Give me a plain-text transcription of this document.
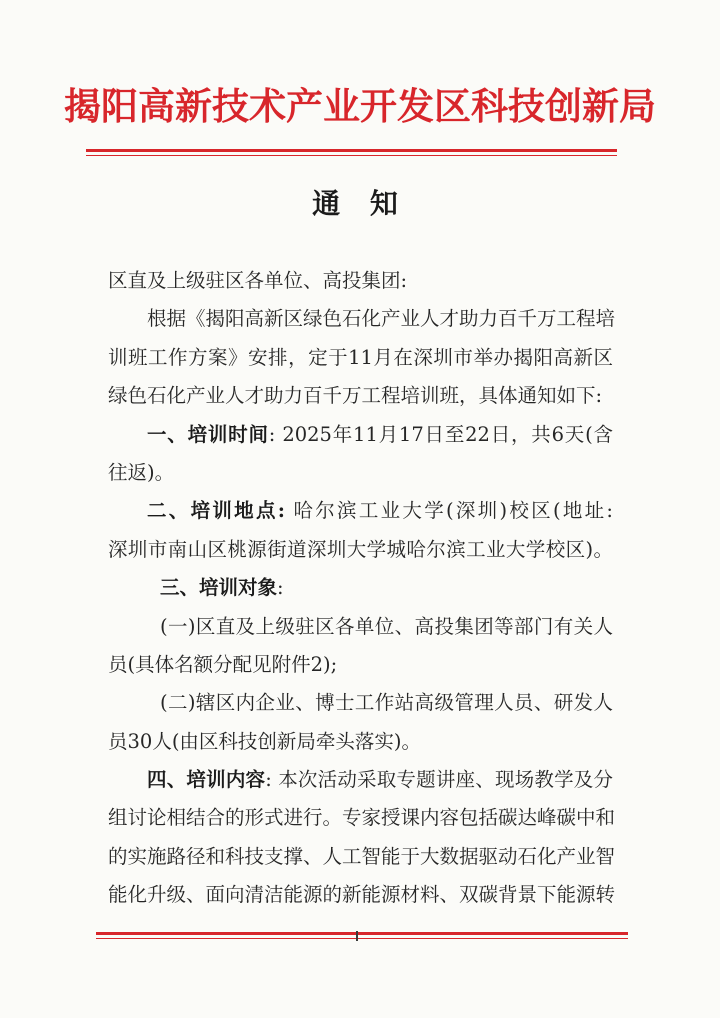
揭阳高新技术产业开发区科技创新局
通 知
区直及上级驻区各单位、高投集团:
根据《揭阳高新区绿色石化产业人才助力百千万工程培
训班工作方案》安排，定于11月在深圳市举办揭阳高新区
绿色石化产业人才助力百千万工程培训班，具体通知如下:
一、培训时间: 2025年11月17日至22日，共6天(含
往返)。
二、培训地点: 哈尔滨工业大学(深圳)校区(地址:
深圳市南山区桃源街道深圳大学城哈尔滨工业大学校区)。
三、培训对象:
(一)区直及上级驻区各单位、高投集团等部门有关人
员(具体名额分配见附件2);
(二)辖区内企业、博士工作站高级管理人员、研发人
员30人(由区科技创新局牵头落实)。
四、培训内容: 本次活动采取专题讲座、现场教学及分
组讨论相结合的形式进行。专家授课内容包括碳达峰碳中和
的实施路径和科技支撑、人工智能于大数据驱动石化产业智
能化升级、面向清洁能源的新能源材料、双碳背景下能源转
